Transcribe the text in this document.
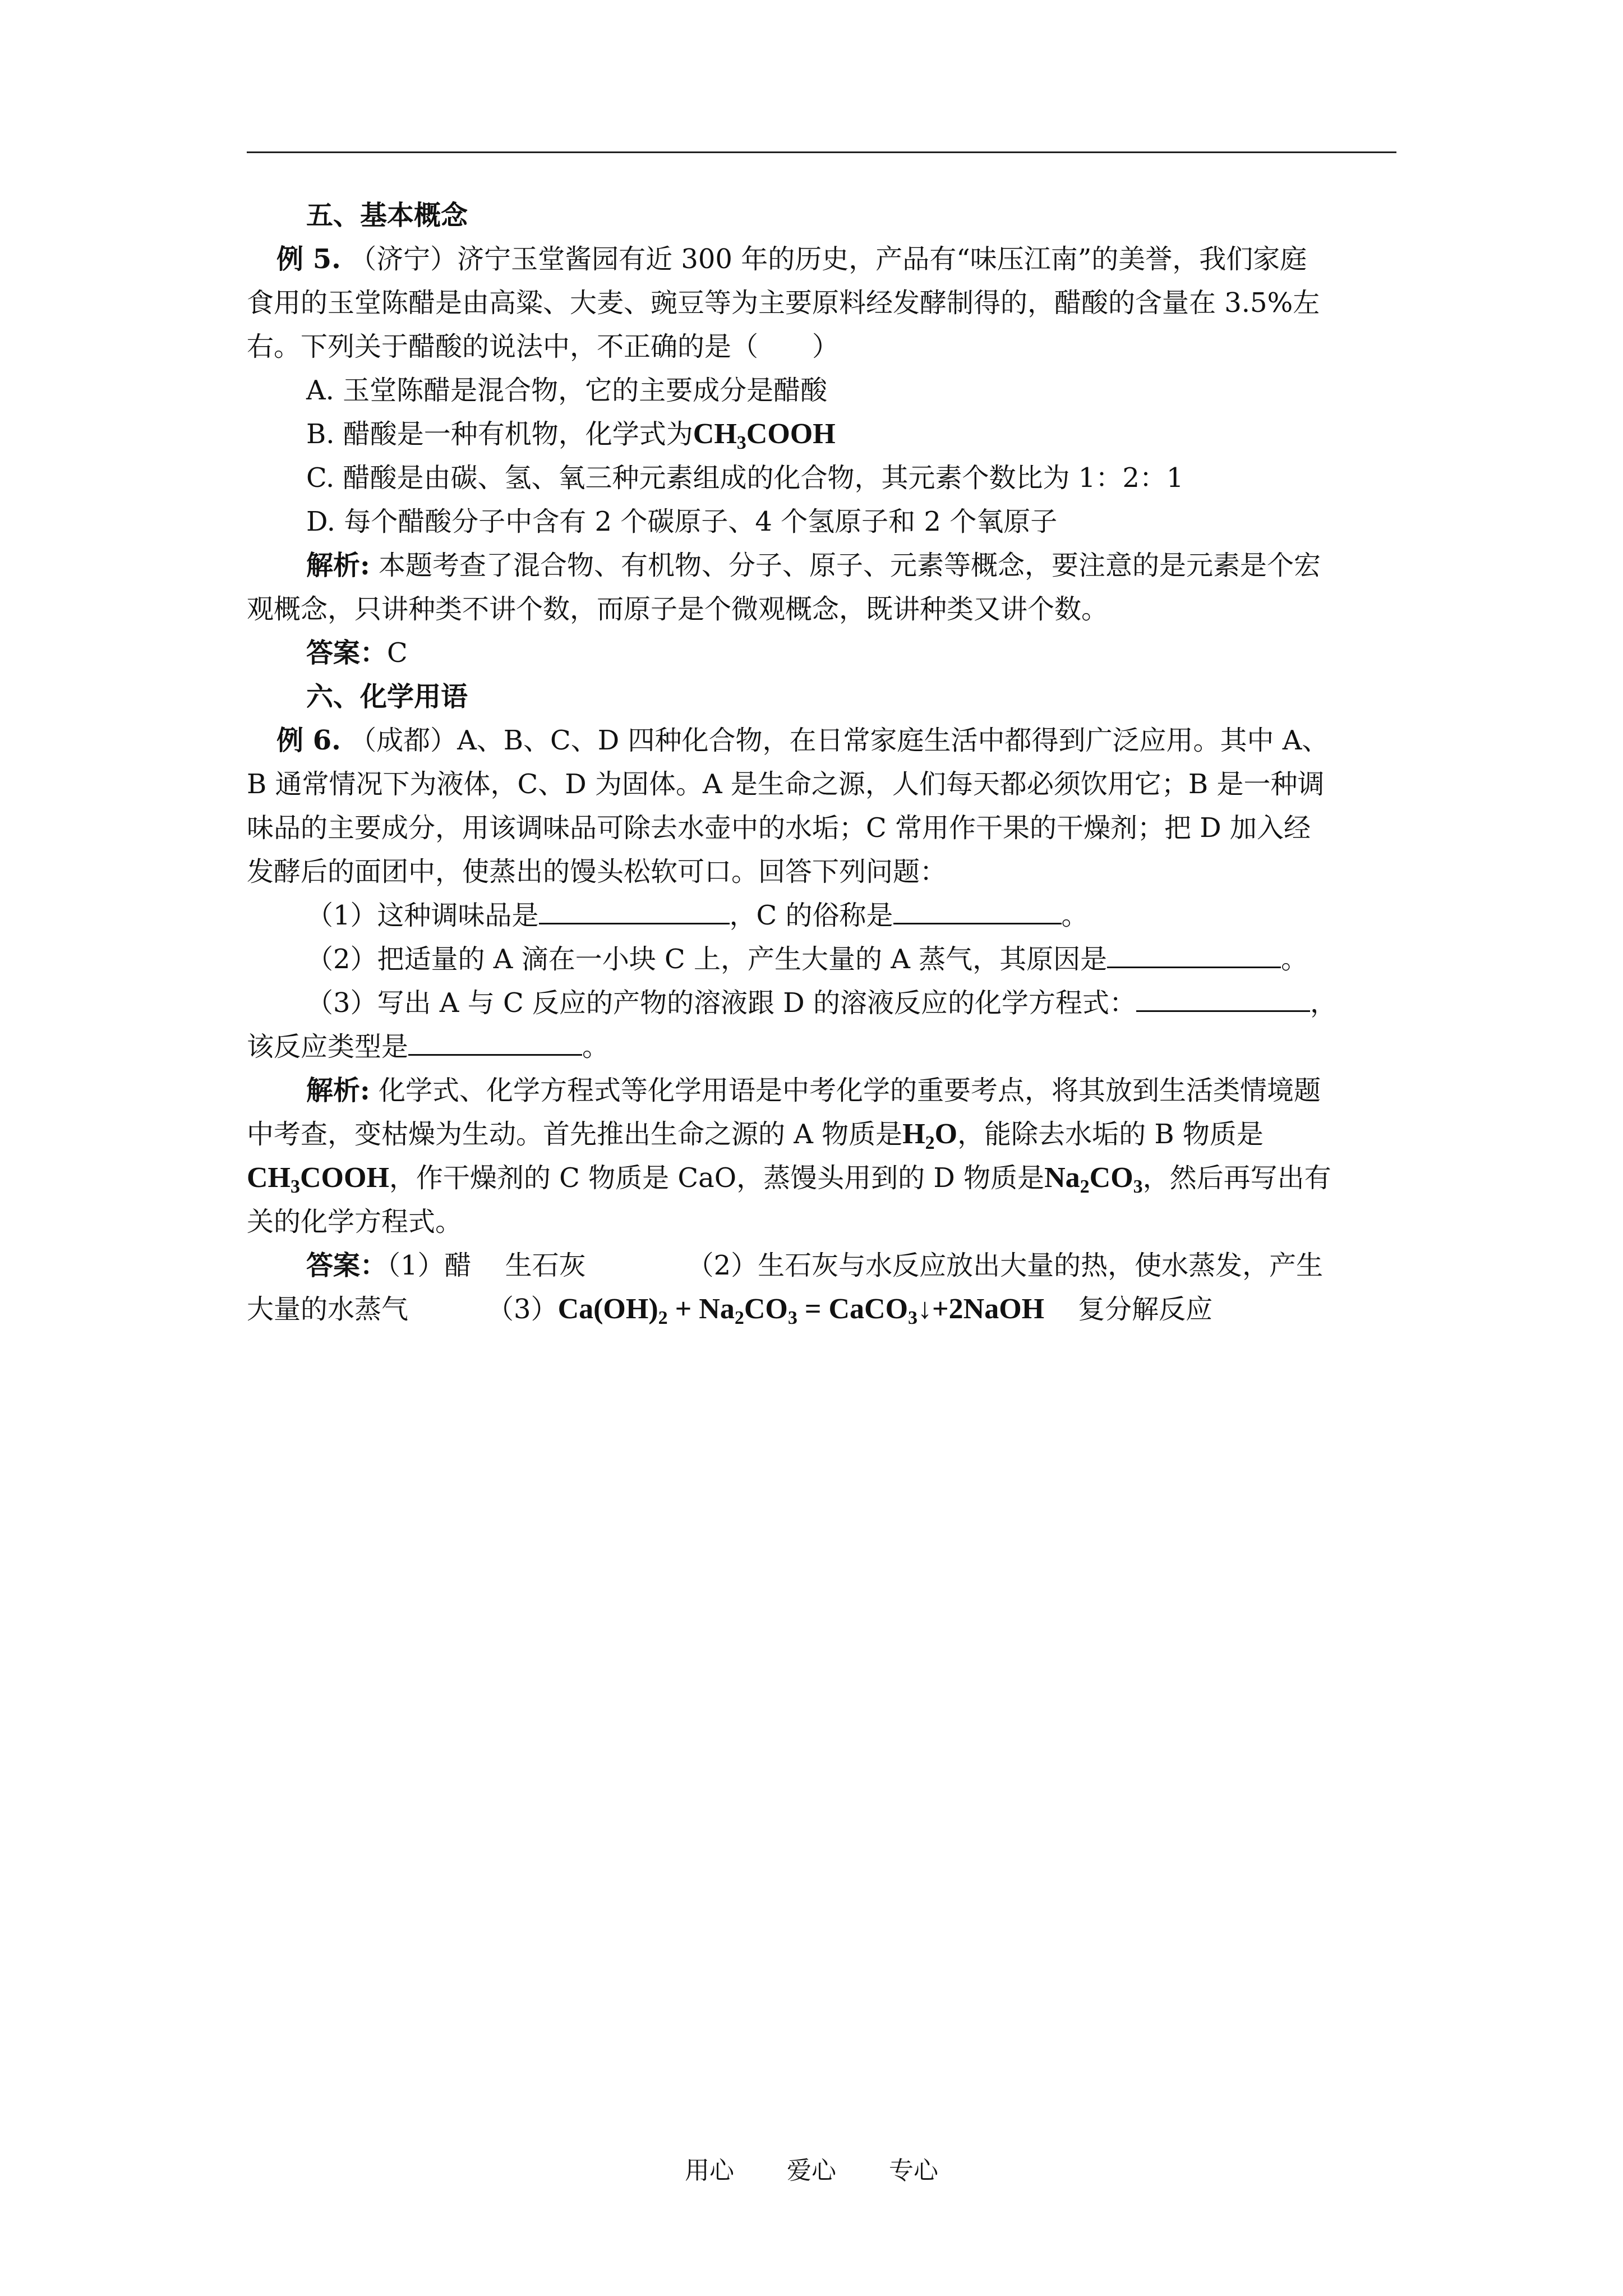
五、基本概念
例 5. （济宁）济宁玉堂酱园有近 300 年的历史，产品有“味压江南”的美誉，我们家庭
食用的玉堂陈醋是由高粱、大麦、豌豆等为主要原料经发酵制得的，醋酸的含量在 3.5%左
右。下列关于醋酸的说法中，不正确的是（　　）
A. 玉堂陈醋是混合物，它的主要成分是醋酸
B. 醋酸是一种有机物，化学式为$CH_3COOH$
C. 醋酸是由碳、氢、氧三种元素组成的化合物，其元素个数比为 1：2：1
D. 每个醋酸分子中含有 2 个碳原子、4 个氢原子和 2 个氧原子
解析: 本题考查了混合物、有机物、分子、原子、元素等概念，要注意的是元素是个宏
观概念，只讲种类不讲个数，而原子是个微观概念，既讲种类又讲个数。
答案：C
六、化学用语
例 6. （成都）A、B、C、D 四种化合物，在日常家庭生活中都得到广泛应用。其中 A、
B 通常情况下为液体，C、D 为固体。A 是生命之源，人们每天都必须饮用它；B 是一种调
味品的主要成分，用该调味品可除去水壶中的水垢；C 常用作干果的干燥剂；把 D 加入经
发酵后的面团中，使蒸出的馒头松软可口。回答下列问题：
（1）这种调味品是	，C 的俗称是	。
（2）把适量的 A 滴在一小块 C 上，产生大量的 A 蒸气，其原因是	。
（3）写出 A 与 C 反应的产物的溶液跟 D 的溶液反应的化学方程式：	，
该反应类型是	。
解析: 化学式、化学方程式等化学用语是中考化学的重要考点，将其放到生活类情境题
中考查，变枯燥为生动。首先推出生命之源的 A 物质是$H_2O$，能除去水垢的 B 物质是
$CH_3COOH$，作干燥剂的 C 物质是 CaO，蒸馒头用到的 D 物质是$Na_2CO_3$，然后再写出有
关的化学方程式。
答案：（1）醋 生石灰	（2）生石灰与水反应放出大量的热，使水蒸发，产生
大量的水蒸气	$(3)Ca(OH)_2 + Na_2CO_3$ = CaCO$_3$↓+2NaOH 复分解反应
用心 爱心 专心
